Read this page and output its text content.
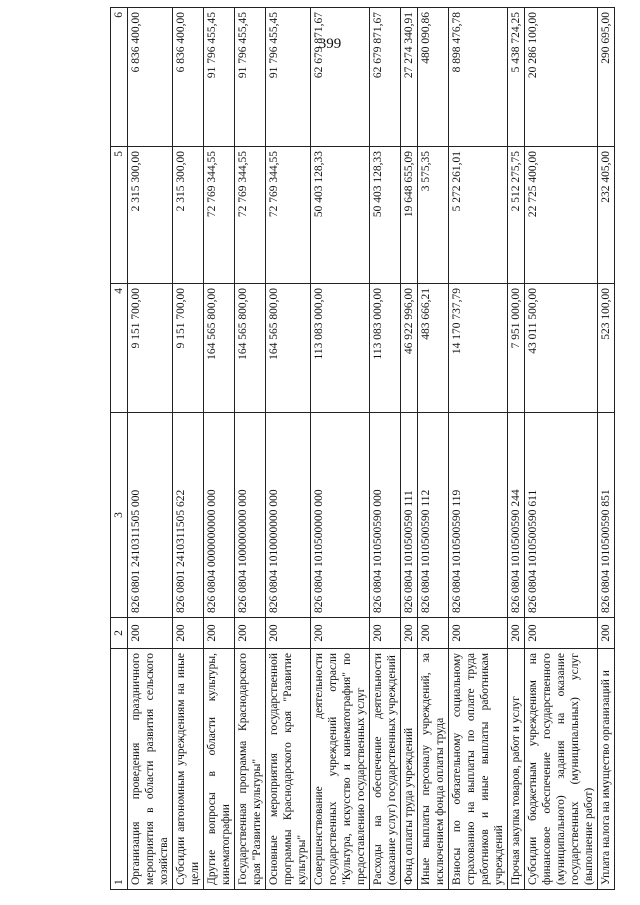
399
1	2	3	4	5	6
Организация проведения праздничного мероприятия в области развития сельского хозяйства	200	826 0801 2410311505 000	9 151 700,00	2 315 300,00	6 836 400,00
Субсидии автономным учреждениям на иные цели	200	826 0801 2410311505 622	9 151 700,00	2 315 300,00	6 836 400,00
Другие вопросы в области культуры, кинематографии	200	826 0804 0000000000 000	164 565 800,00	72 769 344,55	91 796 455,45
Государственная программа Краснодарского края "Развитие культуры"	200	826 0804 1000000000 000	164 565 800,00	72 769 344,55	91 796 455,45
Основные мероприятия государственной программы Краснодарского края "Развитие культуры"	200	826 0804 1010000000 000	164 565 800,00	72 769 344,55	91 796 455,45
Совершенствование деятельности государственных учреждений отрасли "Культура, искусство и кинематография" по предоставлению государственных услуг	200	826 0804 1010500000 000	113 083 000,00	50 403 128,33	62 679 871,67
Расходы на обеспечение деятельности (оказание услуг) государственных учреждений	200	826 0804 1010500590 000	113 083 000,00	50 403 128,33	62 679 871,67
Фонд оплаты труда учреждений	200	826 0804 1010500590 111	46 922 996,00	19 648 655,09	27 274 340,91
Иные выплаты персоналу учреждений, за исключением фонда оплаты труда	200	826 0804 1010500590 112	483 666,21	3 575,35	480 090,86
Взносы по обязательному социальному страхованию на выплаты по оплате труда работников и иные выплаты работникам учреждений	200	826 0804 1010500590 119	14 170 737,79	5 272 261,01	8 898 476,78
Прочая закупка товаров, работ и услуг	200	826 0804 1010500590 244	7 951 000,00	2 512 275,75	5 438 724,25
Субсидии бюджетным учреждениям на финансовое обеспечение государственного (муниципального) задания на оказание государственных (муниципальных) услуг (выполнение работ)	200	826 0804 1010500590 611	43 011 500,00	22 725 400,00	20 286 100,00
Уплата налога на имущество организаций и	200	826 0804 1010500590 851	523 100,00	232 405,00	290 695,00
